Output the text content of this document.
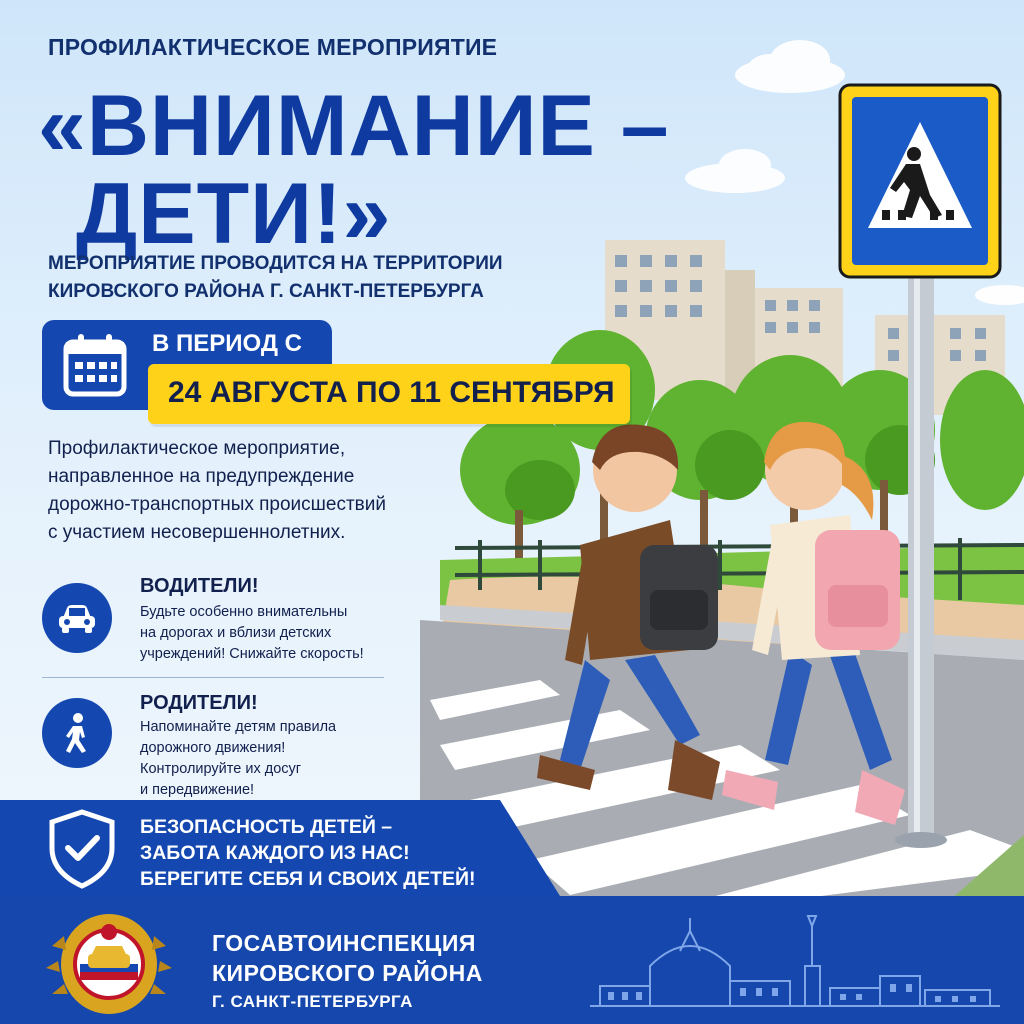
ПРОФИЛАКТИЧЕСКОЕ МЕРОПРИЯТИЕ
«ВНИМАНИЕ –
ДЕТИ!»
МЕРОПРИЯТИЕ ПРОВОДИТСЯ НА ТЕРРИТОРИИ
КИРОВСКОГО РАЙОНА Г. САНКТ-ПЕТЕРБУРГА
В ПЕРИОД С
24 АВГУСТА ПО 11 СЕНТЯБРЯ
Профилактическое мероприятие,
направленное на предупреждение
дорожно-транспортных происшествий
с участием несовершеннолетних.
ВОДИТЕЛИ!
Будьте особенно внимательны
на дорогах и вблизи детских
учреждений! Снижайте скорость!
РОДИТЕЛИ!
Напоминайте детям правила
дорожного движения!
Контролируйте их досуг
и передвижение!
БЕЗОПАСНОСТЬ ДЕТЕЙ –
ЗАБОТА КАЖДОГО ИЗ НАС!
БЕРЕГИТЕ СЕБЯ И СВОИХ ДЕТЕЙ!
ГОСАВТОИНСПЕКЦИЯ
КИРОВСКОГО РАЙОНА
Г. САНКТ-ПЕТЕРБУРГА
